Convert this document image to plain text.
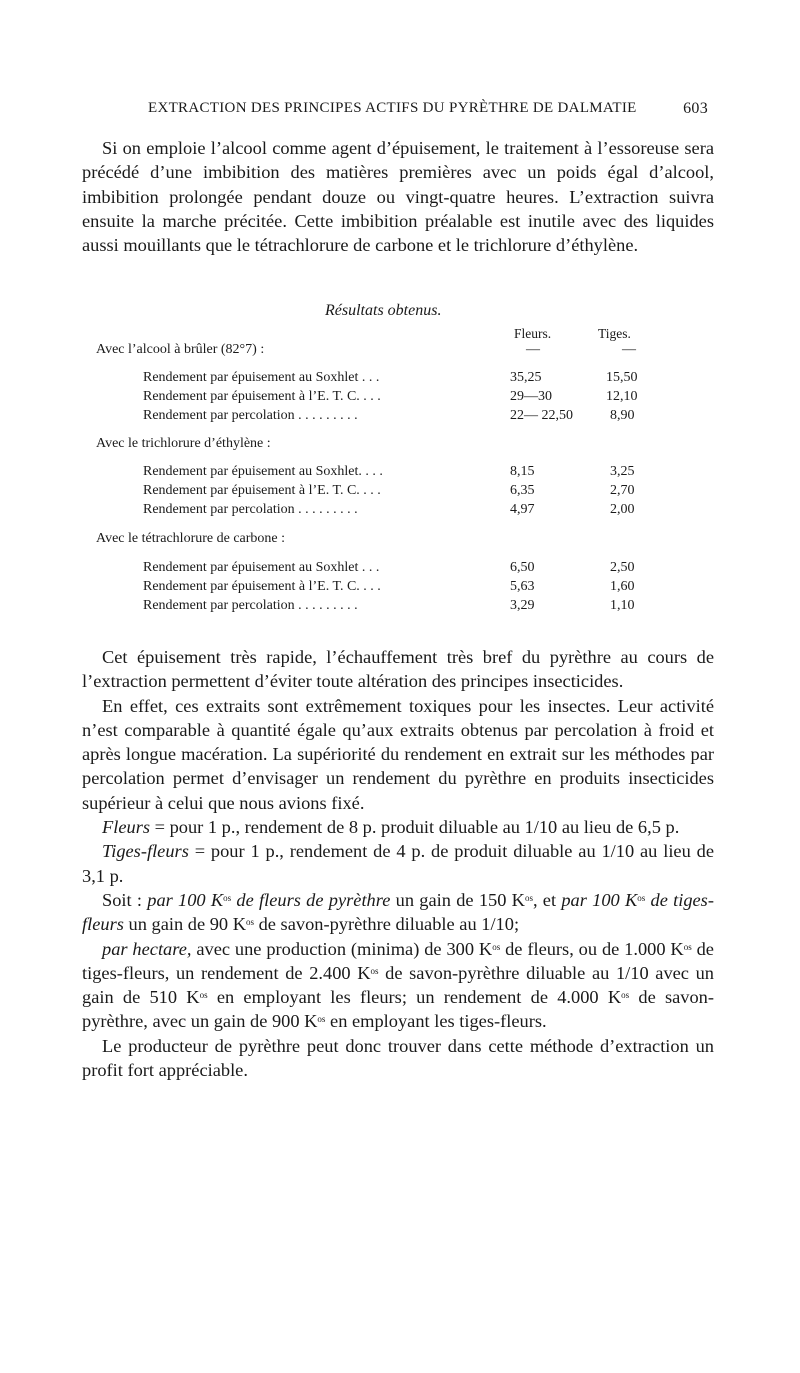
EXTRACTION DES PRINCIPES ACTIFS DU PYRÈTHRE DE DALMATIE	603

Si on emploie l’alcool comme agent d’épuisement, le traitement à l’essoreuse sera précédé d’une imbibition des matières premières avec un poids égal d’alcool, imbibition prolongée pendant douze ou vingt-quatre heures. L’extraction suivra ensuite la marche précitée. Cette imbibition préalable est inutile avec des liquides aussi mouillants que le tétrachlorure de carbone et le trichlorure d’éthylène.

Résultats obtenus.
Fleurs.	Tiges.
—	—
Avec l’alcool à brûler (82°7) :
Rendement par épuisement au Soxhlet . . .	35,25	15,50
Rendement par épuisement à l’E. T. C. . . .	29—30	12,10
Rendement par percolation . . . . . . . . .	22— 22,50	8,90
Avec le trichlorure d’éthylène :
Rendement par épuisement au Soxhlet. . . .	8,15	3,25
Rendement par épuisement à l’E. T. C. . . .	6,35	2,70
Rendement par percolation . . . . . . . . .	4,97	2,00
Avec le tétrachlorure de carbone :
Rendement par épuisement au Soxhlet . . .	6,50	2,50
Rendement par épuisement à l’E. T. C. . . .	5,63	1,60
Rendement par percolation . . . . . . . . .	3,29	1,10

Cet épuisement très rapide, l’échauffement très bref du pyrèthre au cours de l’extraction permettent d’éviter toute altération des principes insecticides.

En effet, ces extraits sont extrêmement toxiques pour les insectes. Leur activité n’est comparable à quantité égale qu’aux extraits obtenus par percolation à froid et après longue macération. La supériorité du rendement en extrait sur les méthodes par percolation permet d’envisager un rendement du pyrèthre en produits insecticides supérieur à celui que nous avions fixé.

Fleurs = pour 1 p., rendement de 8 p. produit diluable au 1/10 au lieu de 6,5 p.

Tiges-fleurs = pour 1 p., rendement de 4 p. de produit diluable au 1/10 au lieu de 3,1 p.

Soit : par 100 $K^{os}$ de fleurs de pyrèthre un gain de 150 $K^{os}$, et par 100 $K^{os}$ de tiges-fleurs un gain de 90 $K^{os}$ de savon-pyrèthre diluable au 1/10;

par hectare, avec une production (minima) de 300 $K^{os}$ de fleurs, ou de 1.000 $K^{os}$ de tiges-fleurs, un rendement de 2.400 $K^{os}$ de savon-pyrèthre diluable au 1/10 avec un gain de 510 $K^{os}$ en employant les fleurs; un rendement de 4.000 $K^{os}$ de savon-pyrèthre, avec un gain de 900 $K^{os}$ en employant les tiges-fleurs.

Le producteur de pyrèthre peut donc trouver dans cette méthode d’extraction un profit fort appréciable.
